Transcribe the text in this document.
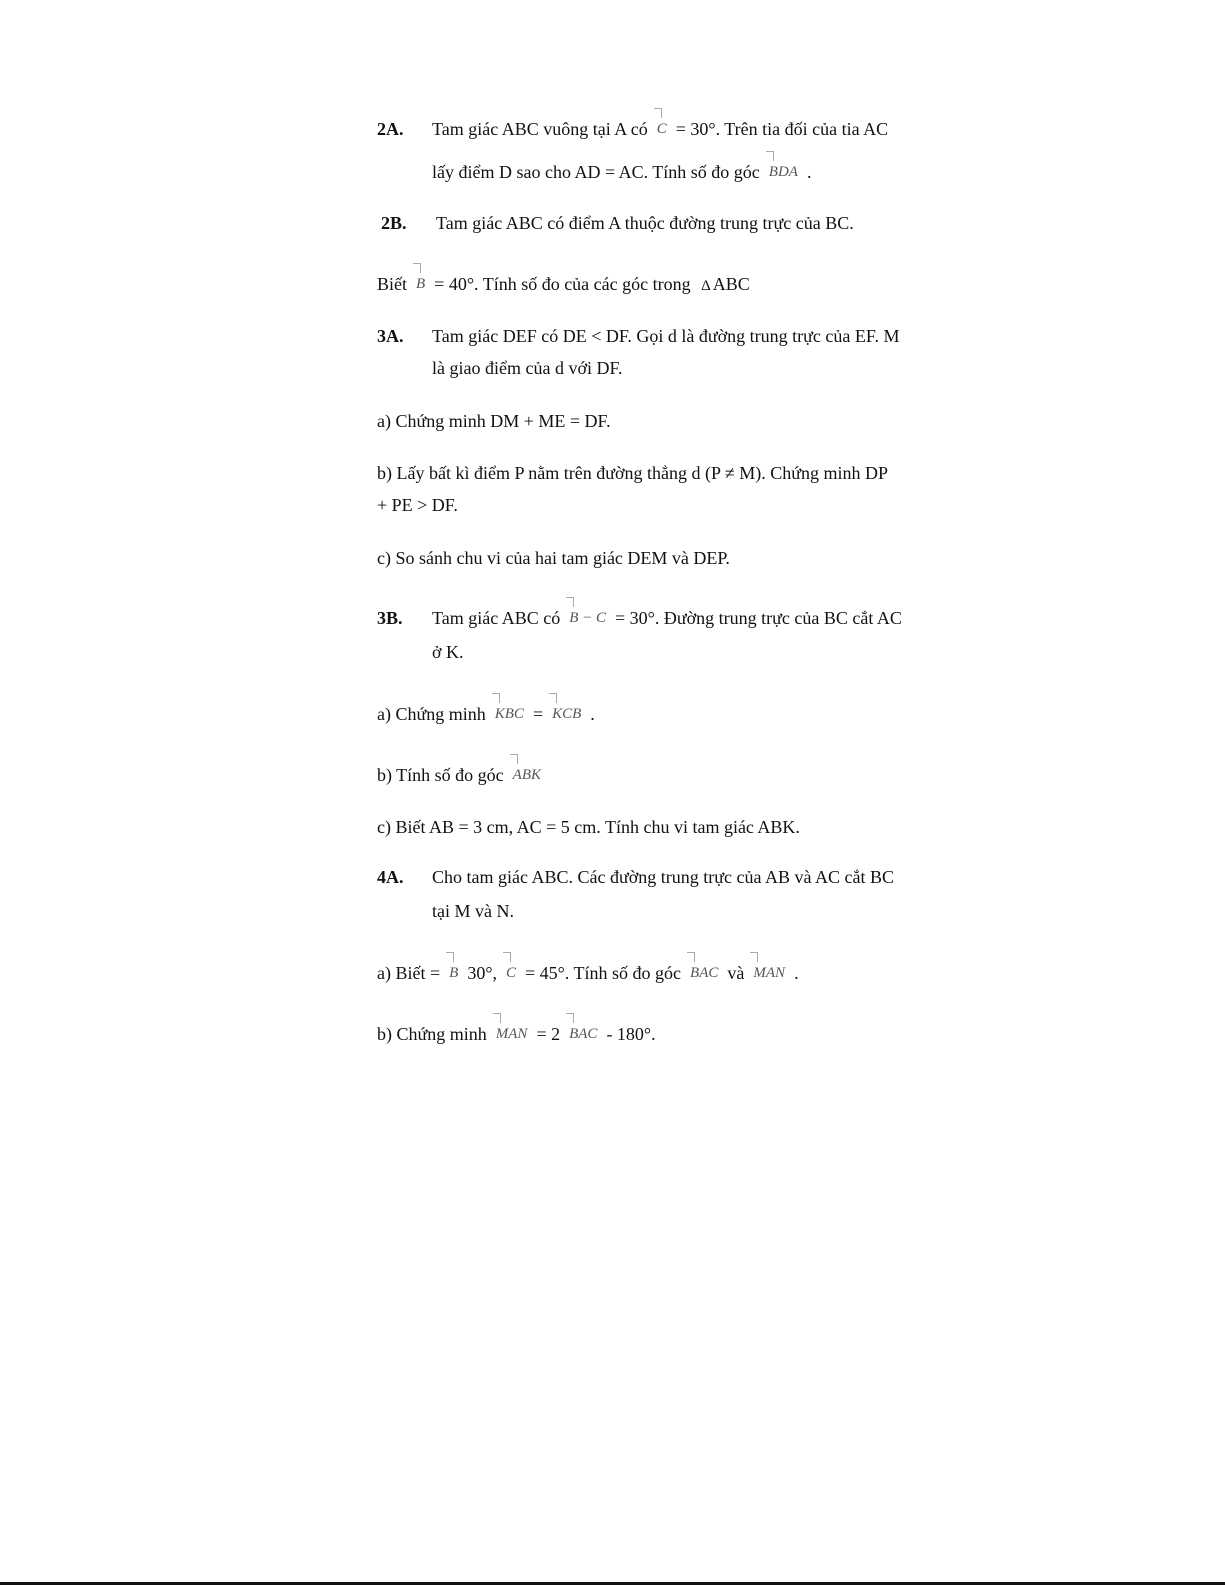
2A. Tam giác ABC vuông tại A có C = 30°. Trên tia đối của tia AC
lấy điểm D sao cho AD = AC. Tính số đo góc BDA .
2B. Tam giác ABC có điểm A thuộc đường trung trực của BC.
Biết B = 40°. Tính số đo của các góc trong Δ ABC
3A. Tam giác DEF có DE < DF. Gọi d là đường trung trực của EF. M
là giao điểm của d với DF.
a) Chứng minh DM + ME = DF.
b) Lấy bất kì điểm P nằm trên đường thẳng d (P ≠ M). Chứng minh DP
+ PE > DF.
c) So sánh chu vi của hai tam giác DEM và DEP.
3B. Tam giác ABC có B − C = 30°. Đường trung trực của BC cắt AC
ở K.
a) Chứng minh KBC = KCB .
b) Tính số đo góc ABK
c) Biết AB = 3 cm, AC = 5 cm. Tính chu vi tam giác ABK.
4A. Cho tam giác ABC. Các đường trung trực của AB và AC cắt BC
tại M và N.
a) Biết = B 30°, C = 45°. Tính số đo góc BAC và MAN .
b) Chứng minh MAN = 2 BAC - 180°.
